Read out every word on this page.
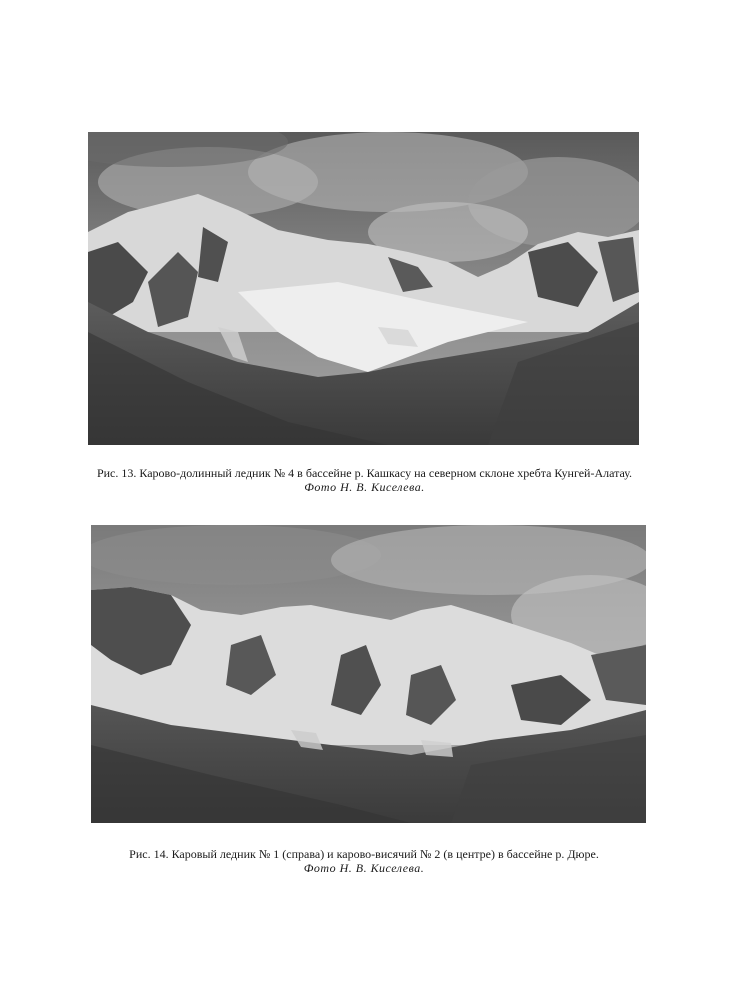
Рис. 13. Карово-долинный ледник № 4 в бассейне р. Кашкасу на северном склоне хребта Кунгей-Алатау.
Фото Н. В. Киселева.
Рис. 14. Каровый ледник № 1 (справа) и карово-висячий № 2 (в центре) в бассейне р. Дюре.
Фото Н. В. Киселева.
